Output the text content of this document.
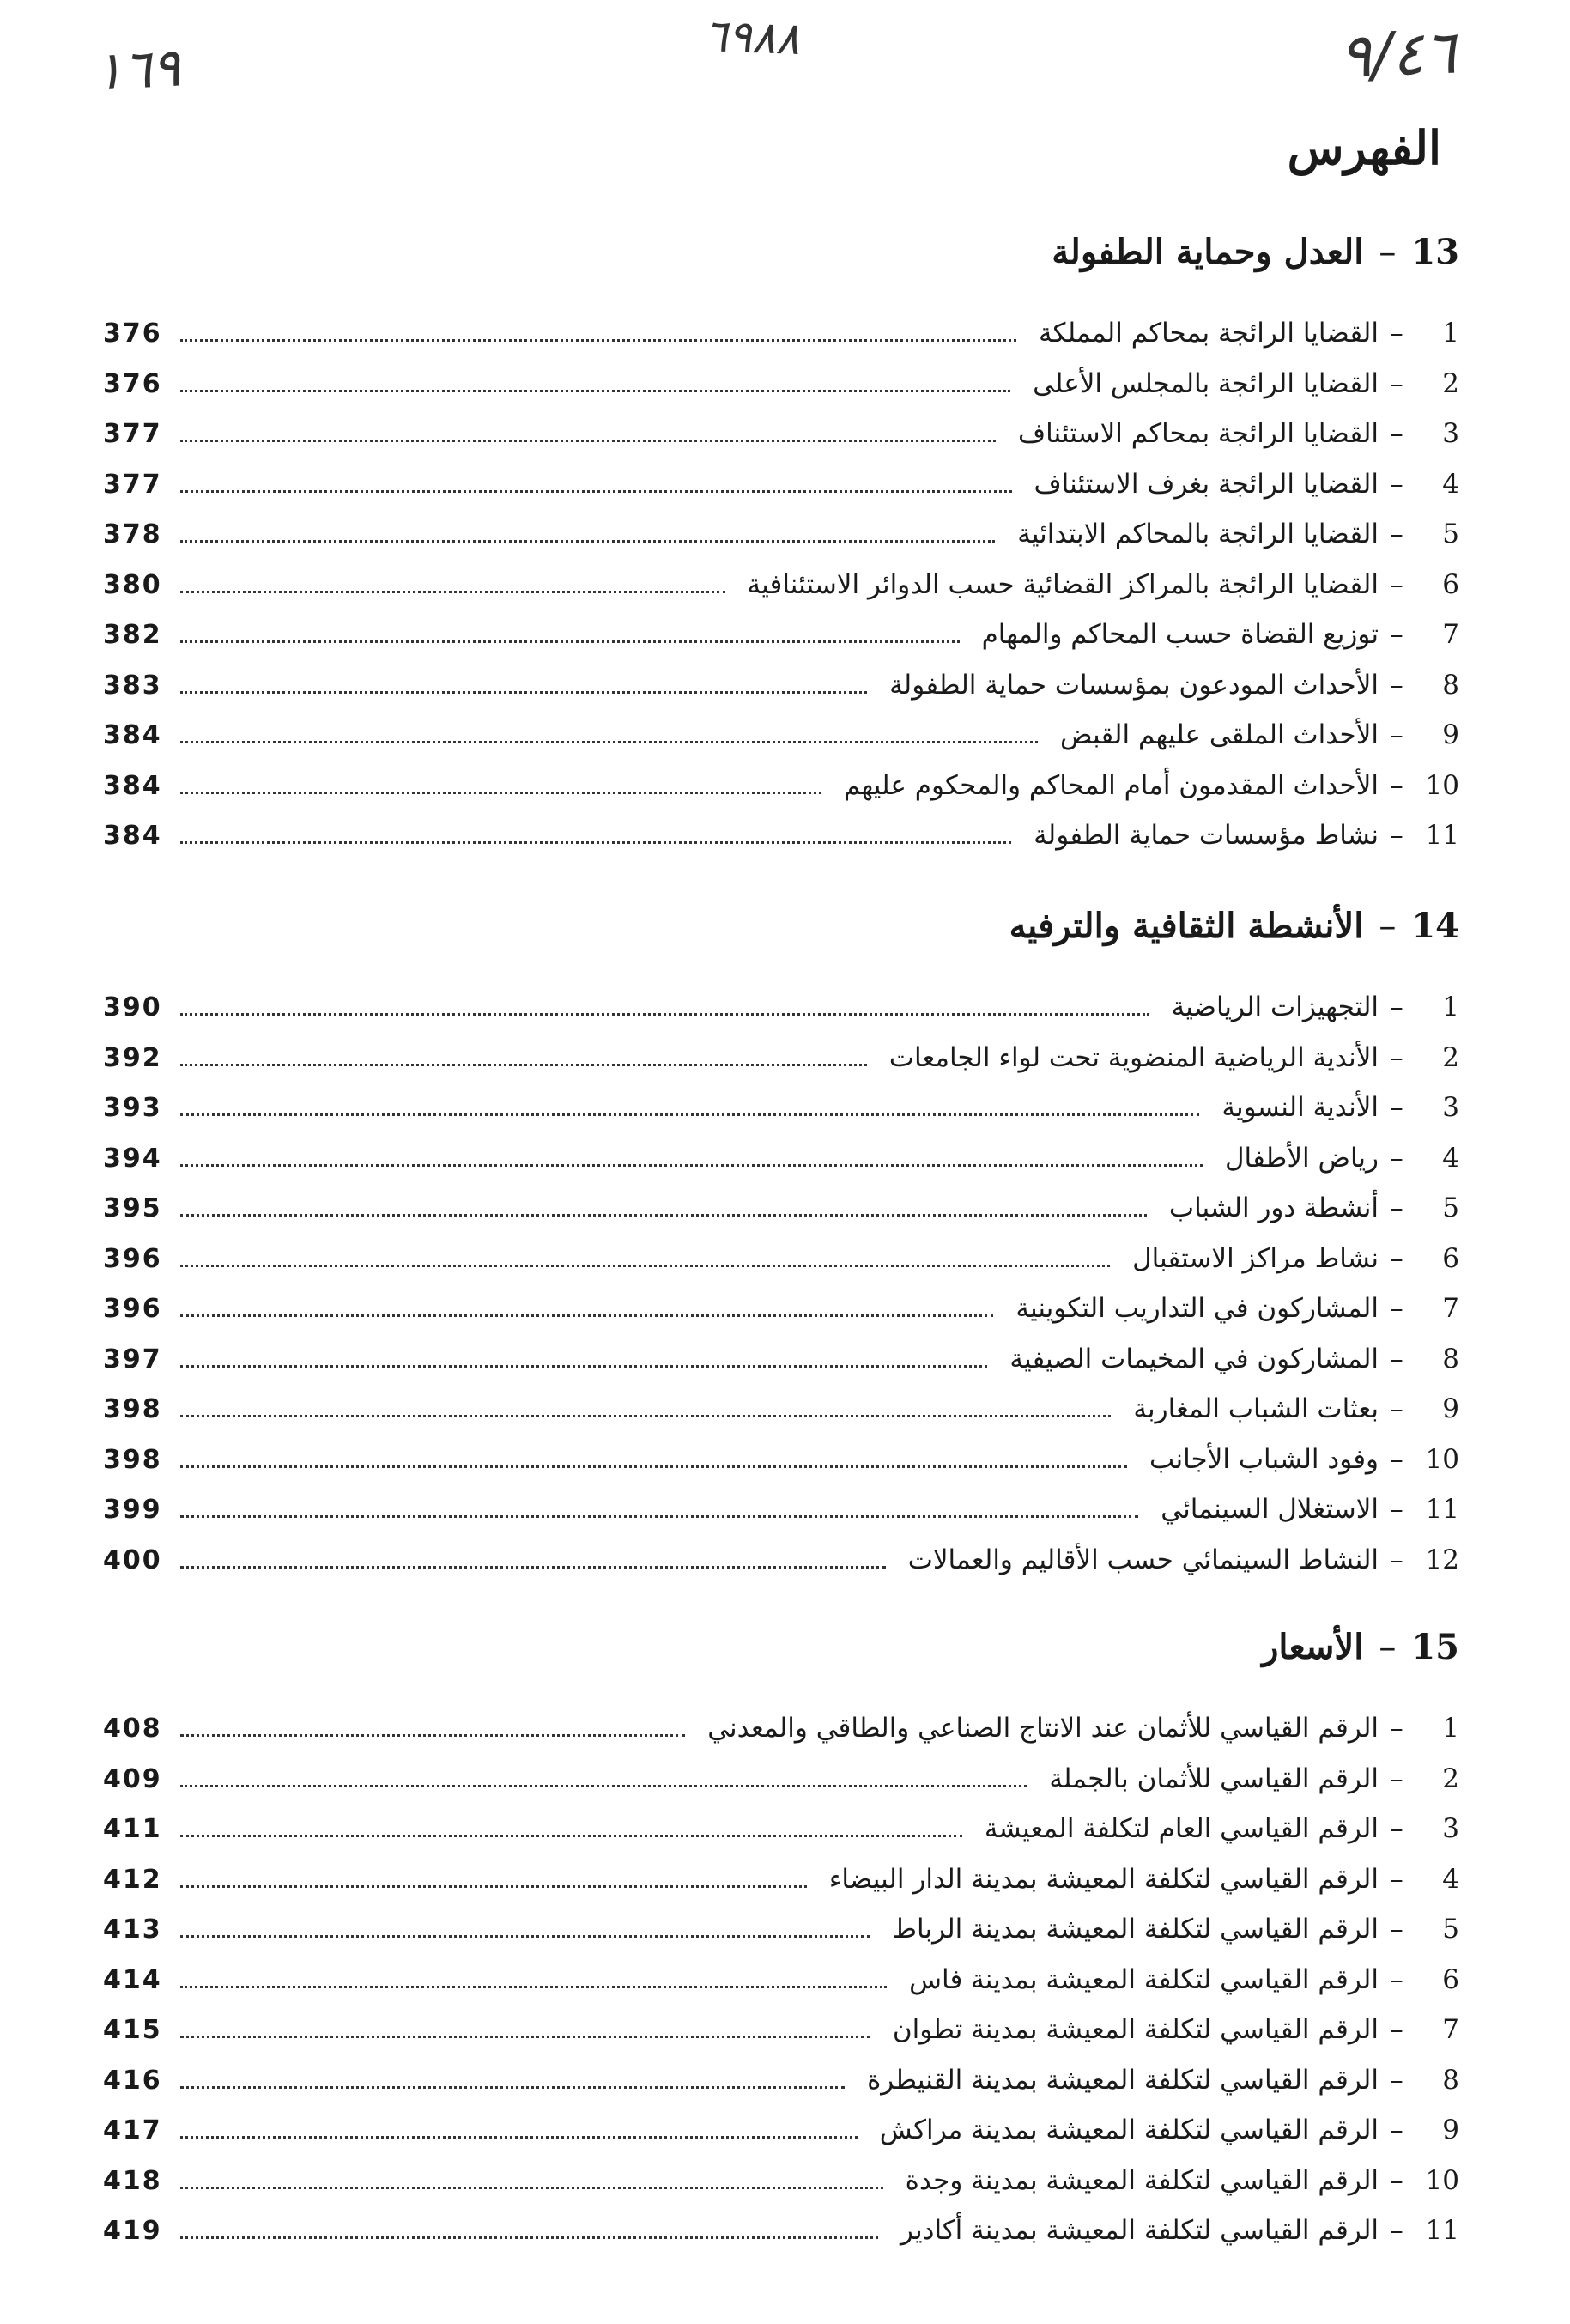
١٦٩	٦٩٨٨	٩/٤٦
الفهرس
13
–
العدل وحماية الطفولة
1
–
القضايا الرائجة بمحاكم المملكة
376
2
–
القضايا الرائجة بالمجلس الأعلى
376
3
–
القضايا الرائجة بمحاكم الاستئناف
377
4
–
القضايا الرائجة بغرف الاستئناف
377
5
–
القضايا الرائجة بالمحاكم الابتدائية
378
6
–
القضايا الرائجة بالمراكز القضائية حسب الدوائر الاستئنافية
380
7
–
توزيع القضاة حسب المحاكم والمهام
382
8
–
الأحداث المودعون بمؤسسات حماية الطفولة
383
9
–
الأحداث الملقى عليهم القبض
384
10
–
الأحداث المقدمون أمام المحاكم والمحكوم عليهم
384
11
–
نشاط مؤسسات حماية الطفولة
384
14
–
الأنشطة الثقافية والترفيه
1
–
التجهيزات الرياضية
390
2
–
الأندية الرياضية المنضوية تحت لواء الجامعات
392
3
–
الأندية النسوية
393
4
–
رياض الأطفال
394
5
–
أنشطة دور الشباب
395
6
–
نشاط مراكز الاستقبال
396
7
–
المشاركون في التداريب التكوينية
396
8
–
المشاركون في المخيمات الصيفية
397
9
–
بعثات الشباب المغاربة
398
10
–
وفود الشباب الأجانب
398
11
–
الاستغلال السينمائي
399
12
–
النشاط السينمائي حسب الأقاليم والعمالات
400
15
–
الأسعار
1
–
الرقم القياسي للأثمان عند الانتاج الصناعي والطاقي والمعدني
408
2
–
الرقم القياسي للأثمان بالجملة
409
3
–
الرقم القياسي العام لتكلفة المعيشة
411
4
–
الرقم القياسي لتكلفة المعيشة بمدينة الدار البيضاء
412
5
–
الرقم القياسي لتكلفة المعيشة بمدينة الرباط
413
6
–
الرقم القياسي لتكلفة المعيشة بمدينة فاس
414
7
–
الرقم القياسي لتكلفة المعيشة بمدينة تطوان
415
8
–
الرقم القياسي لتكلفة المعيشة بمدينة القنيطرة
416
9
–
الرقم القياسي لتكلفة المعيشة بمدينة مراكش
417
10
–
الرقم القياسي لتكلفة المعيشة بمدينة وجدة
418
11
–
الرقم القياسي لتكلفة المعيشة بمدينة أكادير
419
